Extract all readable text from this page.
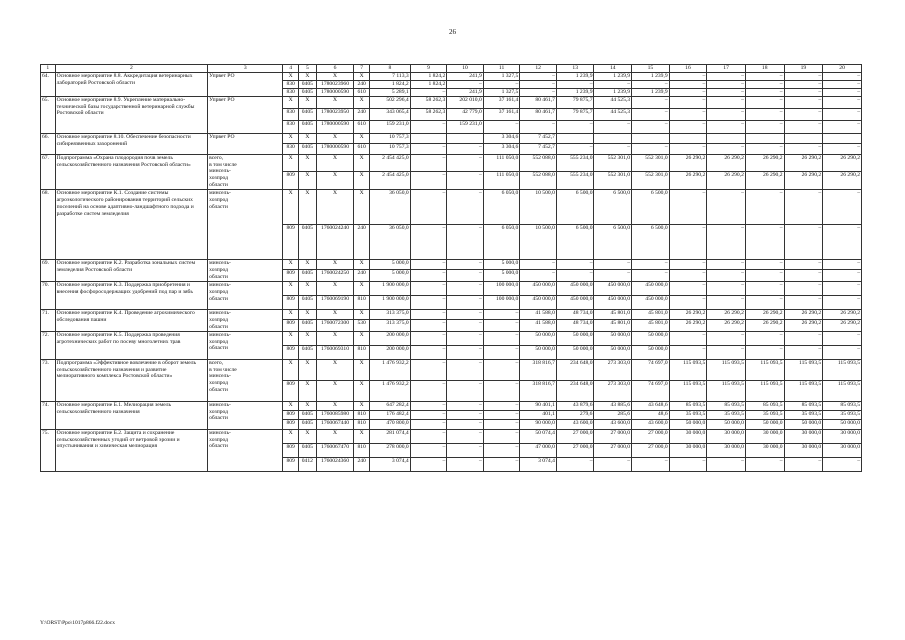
26
1	2	3	4	5	6	7	8	9	10	11	12	13	14	15	16	17	18	19	20
64.	Основное мероприятие 8.8. Аккредитация ветеринарных лабораторий Ростовской области	Упрвет РО	Х	Х	Х	Х	7 113,3	1 824,2	241,9	1 327,5	–	1 239,9	1 239,9	1 239,9	–	–	–	–	–
			830	0405	1780023960	240	1 824,2	1 824,2	–	–	–	–	–	–	–	–	–	–	–
			830	0405	1780000590	610	5 289,1	–	241,9	1 327,5	–	1 239,9	1 239,9	1 239,9	–	–	–	–	–
65.	Основное мероприятие 8.9. Укрепление материально-технической базы государственной ветеринарной службы Ростовской области	Упрвет РО	Х	Х	Х	Х	502 296,4	58 262,3	202 010,0	37 161,4	80 461,7	79 875,7	44 525,3	–	–	–	–	–	–
			830	0405	1780023950	240	343 065,4	58 262,3	42 779,0	37 161,4	80 461,7	79 875,7	44 525,3	–	–	–	–	–	–
			830	0405	1780000590	610	159 231,0	–	159 231,0	–	–	–	–	–	–	–	–	–	–
66.	Основное мероприятие 8.10. Обеспечение безопасности сибиреязвенных захоронений	Упрвет РО	Х	Х	Х	Х	10 757,3			3 304,6	7 452,7								
			830	0405	1780000590	610	10 757,3	–	–	3 304,6	7 452,7	–	–	–	–	–	–	–	–
67.	Подпрограмма «Охрана плодородия почв земель сельскохозяйственного назначения Ростовской области»	всего,
в том числе
минсель-
хозпрод
области	Х	Х	Х	Х	2 454 425,0	–	–	111 050,0	552 088,0	555 234,0	552 301,0	552 301,0	26 290,2	26 290,2	26 290,2	26 290,2	26 290,2
			809	Х	Х	Х	2 454 425,0	–	–	111 050,0	552 088,0	555 234,0	552 301,0	552 301,0	26 290,2	26 290,2	26 290,2	26 290,2	26 290,2
68.	Основное мероприятие К.1. Создание системы агроэкологического районирования территорий сельских поселений на основе адаптивно-ландшафтного подхода и разработке систем земледелия	минсель-
хозпрод
области	Х	Х	Х	Х	36 050,0	–	–	6 050,0	10 500,0	6 500,0	6 500,0	6 500,0	–	–	–	–	–
			809	0405	1760024240	240	36 050,0	–	–	6 050,0	10 500,0	6 500,0	6 500,0	6 500,0	–	–	–	–	–
69.	Основное мероприятие К.2. Разработка зональных систем земледелия Ростовской области	минсель-
хозпрод
области	Х	Х	Х	Х	5 000,0	–	–	5 000,0	–	–	–	–	–	–	–	–	–
			809	0405	1760024250	240	5 000,0	–	–	5 000,0	–	–	–	–	–	–	–	–	–
70.	Основное мероприятие К.3. Поддержка приобретения и внесения фосфоросодержащих удобрений под пар и зябь	минсель-
хозпрод
области	Х	Х	Х	Х	1 900 000,0	–	–	100 000,0	450 000,0	450 000,0	450 000,0	450 000,0	–	–	–	–	–
			809	0405	1760069190	810	1 900 000,0	–	–	100 000,0	450 000,0	450 000,0	450 000,0	450 000,0	–	–	–	–	–
71.	Основное мероприятие К.4. Проведение агрохимического обследования пашни	минсель-
хозпрод
области	Х	Х	Х	Х	313 375,0	–	–	–	41 588,0	48 734,0	45 801,0	45 801,0	26 290,2	26 290,2	26 290,2	26 290,2	26 290,2
			809	0405	1760072300	530	313 375,0	–	–	–	41 588,0	48 734,0	45 801,0	45 801,0	26 290,2	26 290,2	26 290,2	26 290,2	26 290,2
72.	Основное мероприятие К.5. Поддержка проведения агротехнических работ по посеву многолетних трав	минсель-
хозпрод
области	Х	Х	Х	Х	200 000,0	–	–	–	50 000,0	50 000,0	50 000,0	50 000,0	–	–	–	–	–
			809	0405	1760069310	810	200 000,0	–	–	–	50 000,0	50 000,0	50 000,0	50 000,0	–	–	–	–	–
73.	Подпрограмма «Эффективное вовлечение в оборот земель сельскохозяйственного назначения и развитие мелиоративного комплекса Ростовской области»	всего,
в том числе
минсель-
хозпрод
области	Х	Х	Х	Х	1 476 932,2	–	–	–	318 816,7	234 648,0	273 303,0	74 697,0	115 093,5	115 093,5	115 093,5	115 093,5	115 093,5
			809	Х	Х	Х	1 476 932,2	–	–	–	318 816,7	234 648,0	273 303,0	74 697,0	115 093,5	115 093,5	115 093,5	115 093,5	115 093,5
74.	Основное мероприятие Б.1. Мелиорация земель сельскохозяйственного назначения	минсель-
хозпрод
области	Х	Х	Х	Х	647 282,4	–	–	–	90 401,1	43 879,6	43 885,6	43 648,6	85 093,5	85 093,5	85 093,5	85 093,5	85 093,5
			809	0405	1760085980	810	176 482,4	–	–	–	401,1	279,6	285,6	48,6	35 093,5	35 093,5	35 093,5	35 093,5	35 093,5
			809	0405	1760067440	810	470 800,0	–	–	–	90 000,0	43 600,0	43 600,0	43 600,0	50 000,0	50 000,0	50 000,0	50 000,0	50 000,0
75.	Основное мероприятие Б.2. Защита и сохранение сельскохозяйственных угодий от ветровой эрозии и опустынивания и химическая мелиорация	минсель-
хозпрод
области	Х	Х	Х	Х	281 074,4	–	–	–	50 074,4	27 000,0	27 000,0	27 000,0	30 000,0	30 000,0	30 000,0	30 000,0	30 000,0
			809	0405	1760067470	810	278 000,0	–	–	–	47 000,0	27 000,0	27 000,0	27 000,0	30 000,0	30 000,0	30 000,0	30 000,0	30 000,0
			809	0412	1760024360	240	3 074,4	–	–	–	3 074,4	–	–	–	–	–	–	–	–
Y:\ORST\Ppo\1017p866.f22.docx
